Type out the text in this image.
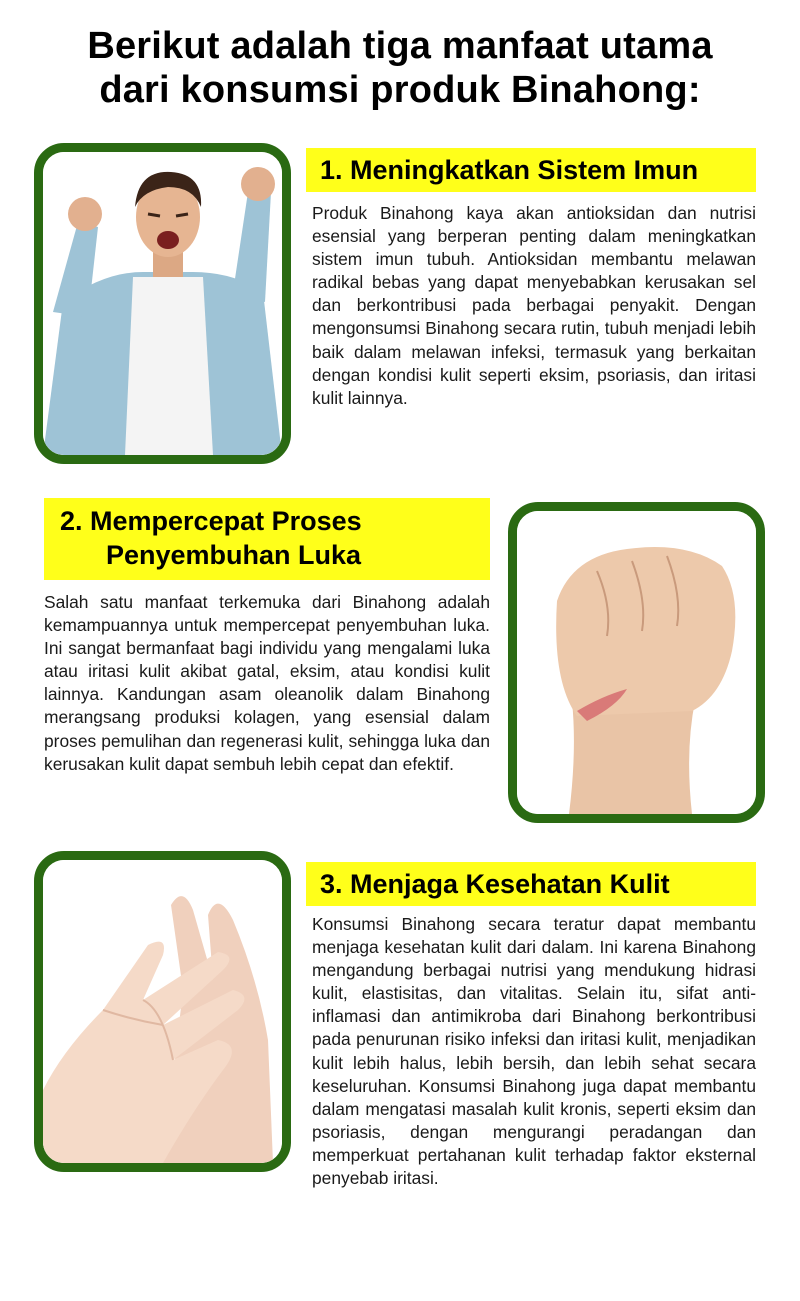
Berikut adalah tiga manfaat utama
dari konsumsi produk Binahong:
1. Meningkatkan Sistem Imun

Produk Binahong kaya akan antioksidan dan nutrisi esensial yang berperan penting dalam meningkatkan sistem imun tubuh. Antioksidan membantu melawan radikal bebas yang dapat menyebabkan kerusakan sel dan berkontribusi pada berbagai penyakit. Dengan mengonsumsi Binahong secara rutin, tubuh menjadi lebih baik dalam melawan infeksi, termasuk yang berkaitan dengan kondisi kulit seperti eksim, psoriasis, dan iritasi kulit lainnya.

2. Mempercepat Proses
Penyembuhan Luka

Salah satu manfaat terkemuka dari Binahong adalah kemampuannya untuk mempercepat penyembuhan luka. Ini sangat bermanfaat bagi individu yang mengalami luka atau iritasi kulit akibat gatal, eksim, atau kondisi kulit lainnya. Kandungan asam oleanolik dalam Binahong merangsang produksi kolagen, yang esensial dalam proses pemulihan dan regenerasi kulit, sehingga luka dan kerusakan kulit dapat sembuh lebih cepat dan efektif.

3. Menjaga Kesehatan Kulit

Konsumsi Binahong secara teratur dapat membantu menjaga kesehatan kulit dari dalam. Ini karena Binahong mengandung berbagai nutrisi yang mendukung hidrasi kulit, elastisitas, dan vitalitas. Selain itu, sifat anti-inflamasi dan antimikroba dari Binahong berkontribusi pada penurunan risiko infeksi dan iritasi kulit, menjadikan kulit lebih halus, lebih bersih, dan lebih sehat secara keseluruhan. Konsumsi Binahong juga dapat membantu dalam mengatasi masalah kulit kronis, seperti eksim dan psoriasis, dengan mengurangi peradangan dan memperkuat pertahanan kulit terhadap faktor eksternal penyebab iritasi.
